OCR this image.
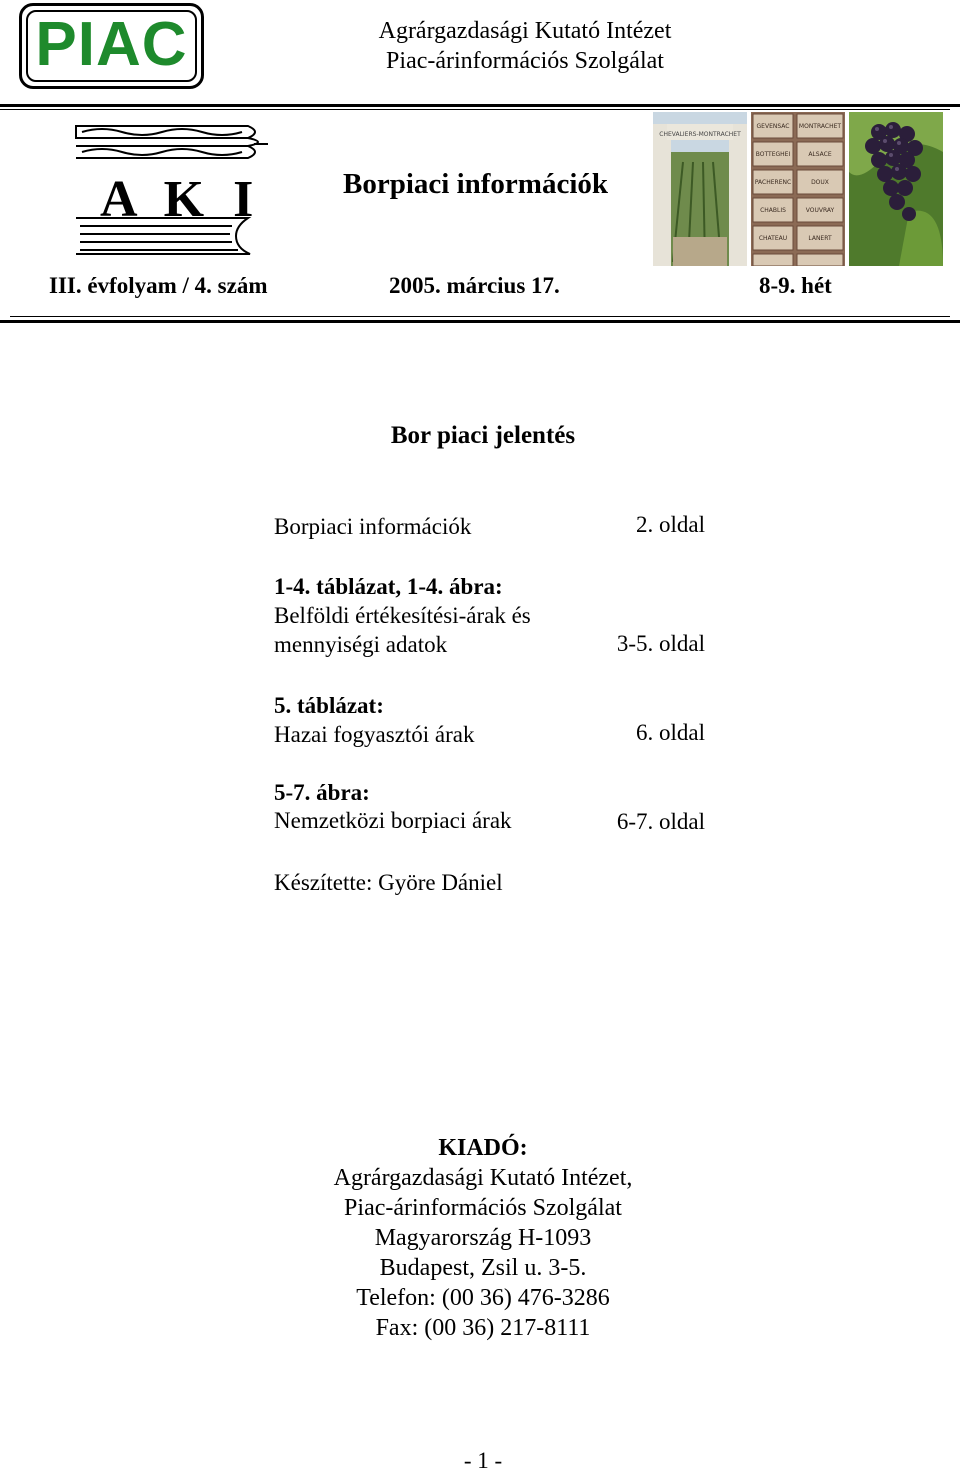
PIAC	Agrárgazdasági Kutató Intézet
Piac-árinformációs Szolgálat
A K I	Borpiaci információk
CHEVALIERS-MONTRACHET
GEVENSAC MONTRACHET
BOTTEGHEI	ALSACE
PACHERENC	DOUX
CHABLIS	VOUVRAY
CHATEAU	LANERT
III. évfolyam / 4. szám	2005. március 17.	8-9. hét
Bor piaci jelentés
Borpiaci információk	2. oldal
1-4. táblázat, 1-4. ábra:
Belföldi értékesítési-árak és
mennyiségi adatok	3-5. oldal
5. táblázat:
Hazai fogyasztói árak	6. oldal
5-7. ábra:
Nemzetközi borpiaci árak	6-7. oldal
Készítette: Györe Dániel
KIADÓ:
Agrárgazdasági Kutató Intézet,
Piac-árinformációs Szolgálat
Magyarország H-1093
Budapest, Zsil u. 3-5.
Telefon: (00 36) 476-3286
Fax: (00 36) 217-8111
- 1 -
